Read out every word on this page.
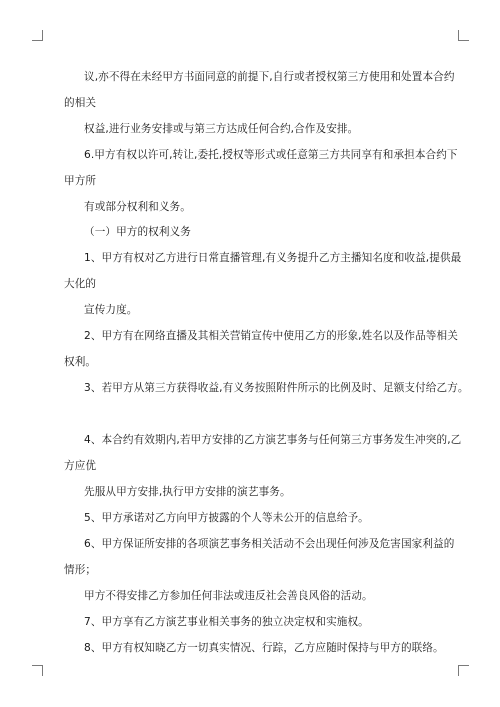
议,亦不得在未经甲方书面同意的前提下,自行或者授权第三方使用和处置本合约
的相关
权益,进行业务安排或与第三方达成任何合约,合作及安排。
6.甲方有权以许可,转让,委托,授权等形式或任意第三方共同享有和承担本合约下
甲方所
有或部分权利和义务。
（一）甲方的权利义务
1、甲方有权对乙方进行日常直播管理,有义务提升乙方主播知名度和收益,提供最
大化的
宣传力度。
2、甲方有在网络直播及其相关营销宣传中使用乙方的形象,姓名以及作品等相关
权利。
3、若甲方从第三方获得收益,有义务按照附件所示的比例及时、足额支付给乙方。
4、本合约有效期内,若甲方安排的乙方演艺事务与任何第三方事务发生冲突的,乙
方应优
先服从甲方安排,执行甲方安排的演艺事务。
5、甲方承诺对乙方向甲方披露的个人等未公开的信息给予。
6、甲方保证所安排的各项演艺事务相关活动不会出现任何涉及危害国家利益的
情形；
甲方不得安排乙方参加任何非法或违反社会善良风俗的活动。
7、甲方享有乙方演艺事业相关事务的独立决定权和实施权。
8、甲方有权知晓乙方一切真实情况、行踪，乙方应随时保持与甲方的联络。
